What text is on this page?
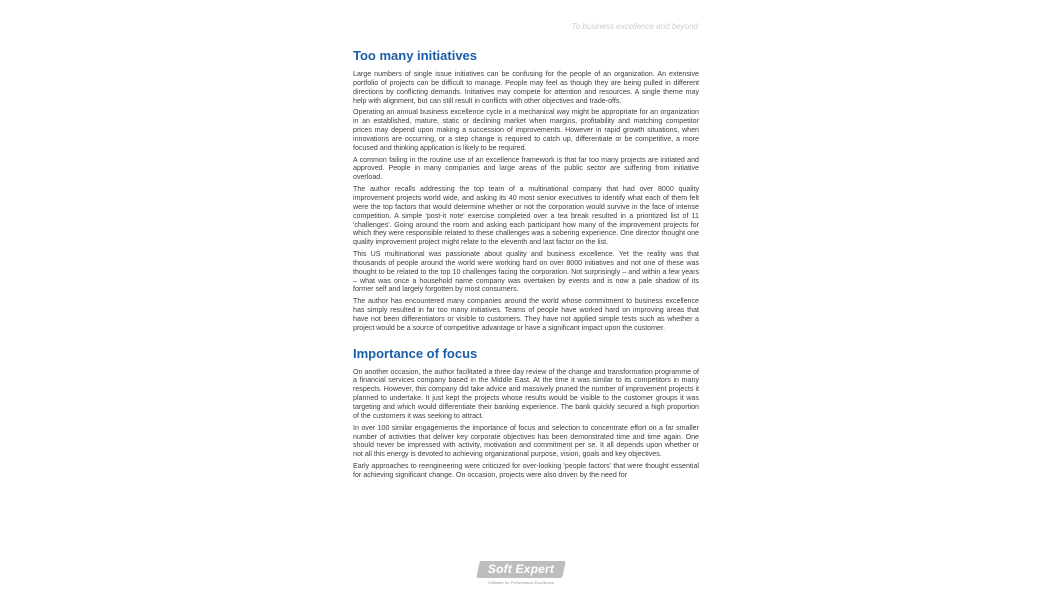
To business excellence and beyond
Too many initiatives

Large numbers of single issue initiatives can be confusing for the people of an organization. An extensive portfolio of projects can be difficult to manage. People may feel as though they are being pulled in different directions by conflicting demands. Initiatives may compete for attention and resources. A single theme may help with alignment, but can still result in conflicts with other objectives and trade-offs.

Operating an annual business excellence cycle in a mechanical way might be appropriate for an organization in an established, mature, static or declining market when margins, profitability and matching competitor prices may depend upon making a succession of improvements. However in rapid growth situations, when innovations are occurring, or a step change is required to catch up, differentiate or be competitive, a more focused and thinking application is likely to be required.

A common failing in the routine use of an excellence framework is that far too many projects are initiated and approved. People in many companies and large areas of the public sector are suffering from initiative overload.

The author recalls addressing the top team of a multinational company that had over 8000 quality improvement projects world wide, and asking its 40 most senior executives to identify what each of them felt were the top factors that would determine whether or not the corporation would survive in the face of intense competition. A simple 'post-it note' exercise completed over a tea break resulted in a prioritized list of 11 'challenges'. Going around the room and asking each participant how many of the improvement projects for which they were responsible related to these challenges was a sobering experience. One director thought one quality improvement project might relate to the eleventh and last factor on the list.

This US multinational was passionate about quality and business excellence. Yet the reality was that thousands of people around the world were working hard on over 8000 initiatives and not one of these was thought to be related to the top 10 challenges facing the corporation. Not surprisingly – and within a few years – what was once a household name company was overtaken by events and is now a pale shadow of its former self and largely forgotten by most consumers.

The author has encountered many companies around the world whose commitment to business excellence has simply resulted in far too many initiatives. Teams of people have worked hard on improving areas that have not been differentiators or visible to customers. They have not applied simple tests such as whether a project would be a source of competitive advantage or have a significant impact upon the customer.

Importance of focus

On another occasion, the author facilitated a three day review of the change and transformation programme of a financial services company based in the Middle East. At the time it was similar to its competitors in many respects. However, this company did take advice and massively pruned the number of improvement projects it planned to undertake. It just kept the projects whose results would be visible to the customer groups it was targeting and which would differentiate their banking experience. The bank quickly secured a high proportion of the customers it was seeking to attract.

In over 100 similar engagements the importance of focus and selection to concentrate effort on a far smaller number of activities that deliver key corporate objectives has been demonstrated time and time again. One should never be impressed with activity, motivation and commitment per se. It all depends upon whether or not all this energy is devoted to achieving organizational purpose, vision, goals and key objectives.

Early approaches to reengineering were criticized for over-looking 'people factors' that were thought essential for achieving significant change. On occasion, projects were also driven by the need for

Soft Expert
Software for Performance Excellence
